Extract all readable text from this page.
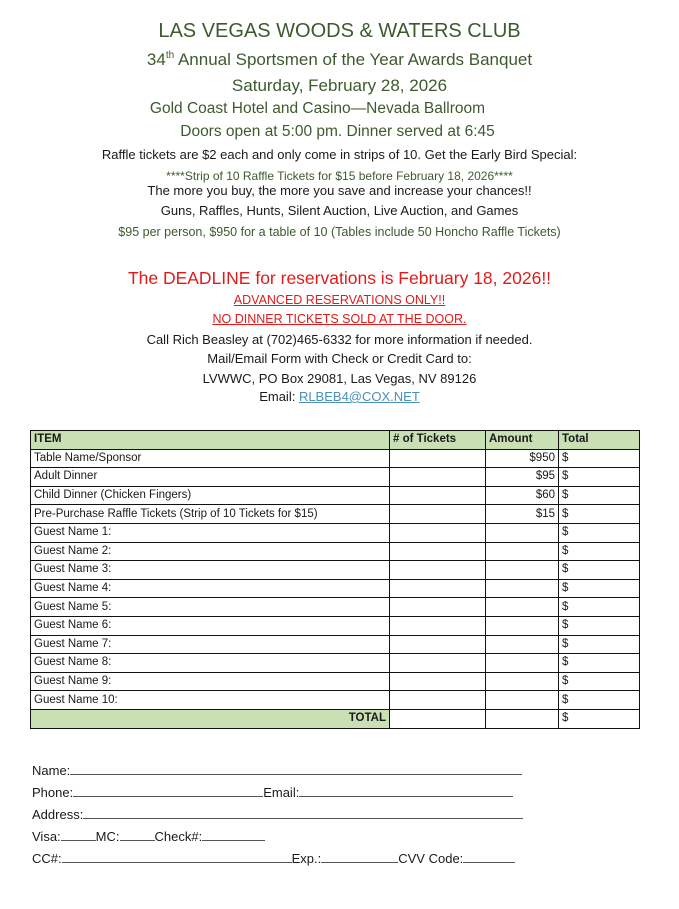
LAS VEGAS WOODS & WATERS CLUB
34th Annual Sportsmen of the Year Awards Banquet
Saturday, February 28, 2026
Gold Coast Hotel and Casino—Nevada Ballroom
Doors open at 5:00 pm. Dinner served at 6:45
Raffle tickets are $2 each and only come in strips of 10. Get the Early Bird Special:
****Strip of 10 Raffle Tickets for $15 before February 18, 2026****
The more you buy, the more you save and increase your chances!!
Guns, Raffles, Hunts, Silent Auction, Live Auction, and Games
$95 per person, $950 for a table of 10 (Tables include 50 Honcho Raffle Tickets)
The DEADLINE for reservations is February 18, 2026!!
ADVANCED RESERVATIONS ONLY!!
NO DINNER TICKETS SOLD AT THE DOOR.
Call Rich Beasley at (702)465-6332 for more information if needed.
Mail/Email Form with Check or Credit Card to:
LVWWC, PO Box 29081, Las Vegas, NV 89126
Email: RLBEB4@COX.NET
ITEM	# of Tickets	Amount	Total
Table Name/Sponsor		$950	$
Adult Dinner		$95	$
Child Dinner (Chicken Fingers)		$60	$
Pre-Purchase Raffle Tickets (Strip of 10 Tickets for $15)		$15	$
Guest Name 1:			$
Guest Name 2:			$
Guest Name 3:			$
Guest Name 4:			$
Guest Name 5:			$
Guest Name 6:			$
Guest Name 7:			$
Guest Name 8:			$
Guest Name 9:			$
Guest Name 10:			$
TOTAL			$
Name:
Phone:	Email:
Address:
Visa:	MC:	Check#:
CC#:	Exp.:	CVV Code:
